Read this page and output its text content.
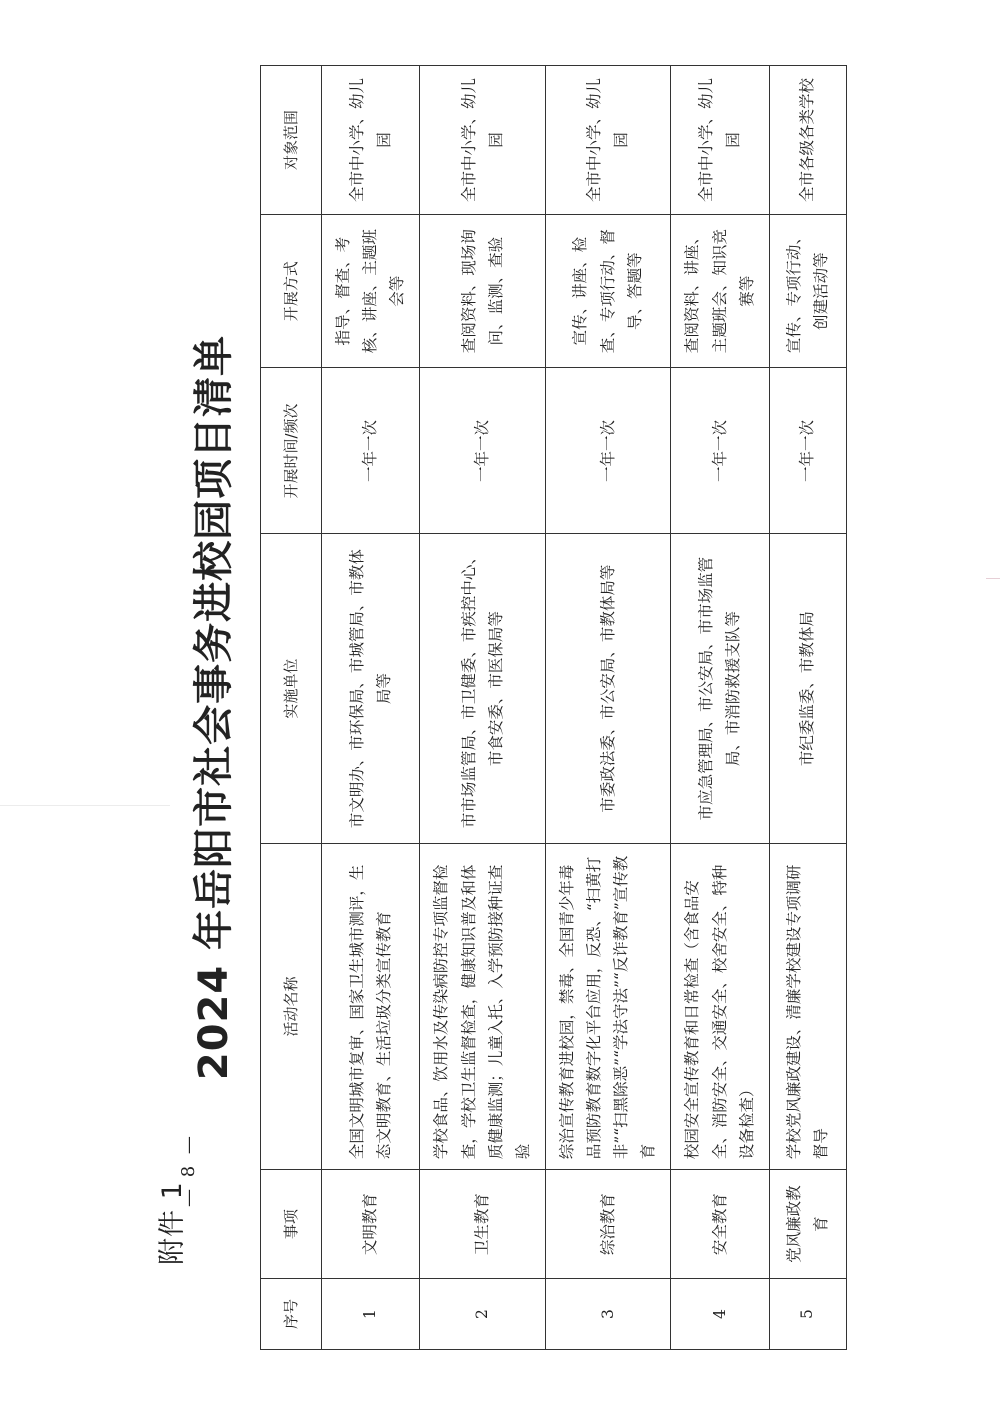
附件 1
2024 年岳阳市社会事务进校园项目清单
序号	事项	活动名称	实施单位	开展时间/频次	开展方式	对象范围
1	文明教育	全国文明城市复审、国家卫生城市测评，生态文明教育、生活垃圾分类宣传教育	市文明办、市环保局、市城管局、市教体局等	一年一次	指导、督查、考核、讲座、主题班会等	全市中小学、幼儿园
2	卫生教育	学校食品、饮用水及传染病防控专项监督检查，学校卫生监督检查，健康知识普及和体质健康监测；儿童入托、入学预防接种证查验	市市场监管局、市卫健委、市疾控中心、市食安委、市医保局等	一年一次	查阅资料、现场询问、监测、查验	全市中小学、幼儿园
3	综治教育	综治宣传教育进校园，禁毒、全国青少年毒品预防教育数字化平台应用，反恐、“扫黄打非”“扫黑除恶”“学法守法”“反诈教育”宣传教育	市委政法委、市公安局、市教体局等	一年一次	宣传、讲座、检查、专项行动、督导、答题等	全市中小学、幼儿园
4	安全教育	校园安全宣传教育和日常检查（含食品安全、消防安全、交通安全、校舍安全、特种设备检查）	市应急管理局、市公安局、市市场监管局、市消防救援支队等	一年一次	查阅资料、讲座、主题班会、知识竞赛等	全市中小学、幼儿园
5	党风廉政教育	学校党风廉政建设、清廉学校建设专项调研督导	市纪委监委、市教体局	一年一次	宣传、专项行动、创建活动等	全市各级各类学校
— 8 —
